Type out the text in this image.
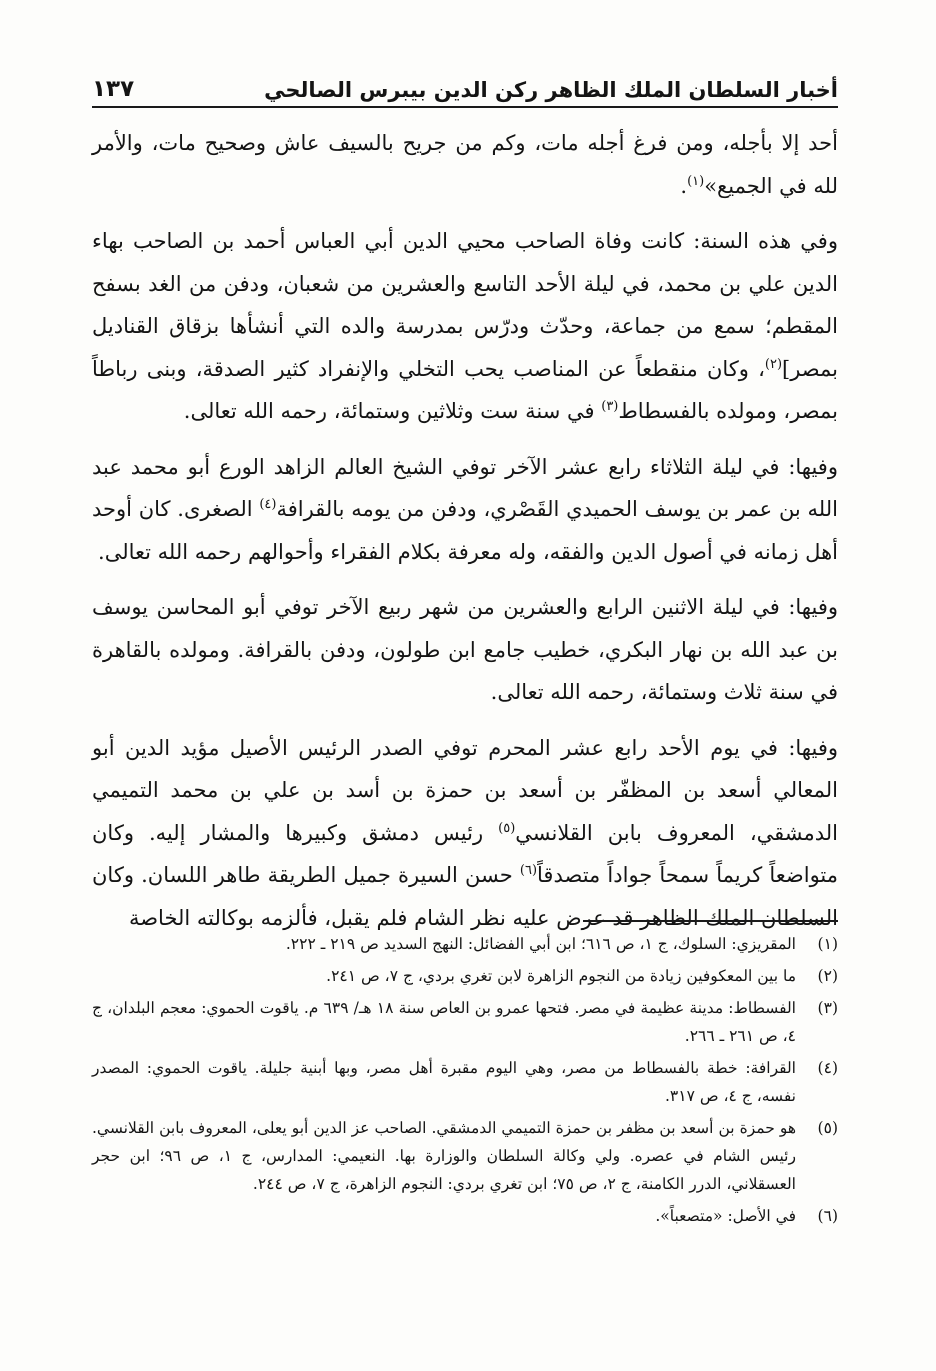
أخبار السلطان الملك الظاهر ركن الدين بيبرس الصالحي
١٣٧

أحد إلا بأجله، ومن فرغ أجله مات، وكم من جريح بالسيف عاش وصحيح مات، والأمر لله في الجميع»$^{(١)}$.

وفي هذه السنة: كانت وفاة الصاحب محيي الدين أبي العباس أحمد بن الصاحب بهاء الدين علي بن محمد، في ليلة الأحد التاسع والعشرين من شعبان، ودفن من الغد بسفح المقطم؛ سمع من جماعة، وحدّث ودرّس بمدرسة والده التي أنشأها بزقاق القناديل بمصر]$^{(٢)}$، وكان منقطعاً عن المناصب يحب التخلي والإنفراد كثير الصدقة، وبنى رباطاً بمصر، ومولده بالفسطاط$^{(٣)}$ في سنة ست وثلاثين وستمائة، رحمه الله تعالى.

وفيها: في ليلة الثلاثاء رابع عشر الآخر توفي الشيخ العالم الزاهد الورع أبو محمد عبد الله بن عمر بن يوسف الحميدي القَصْري، ودفن من يومه بالقرافة$^{(٤)}$ الصغرى. كان أوحد أهل زمانه في أصول الدين والفقه، وله معرفة بكلام الفقراء وأحوالهم رحمه الله تعالى.

وفيها: في ليلة الاثنين الرابع والعشرين من شهر ربيع الآخر توفي أبو المحاسن يوسف بن عبد الله بن نهار البكري، خطيب جامع ابن طولون، ودفن بالقرافة. ومولده بالقاهرة في سنة ثلاث وستمائة، رحمه الله تعالى.

وفيها: في يوم الأحد رابع عشر المحرم توفي الصدر الرئيس الأصيل مؤيد الدين أبو المعالي أسعد بن المظفّر بن أسعد بن حمزة بن أسد بن علي بن محمد التميمي الدمشقي، المعروف بابن القلانسي$^{(٥)}$ رئيس دمشق وكبيرها والمشار إليه. وكان متواضعاً كريماً سمحاً جواداً متصدقاً$^{(٦)}$ حسن السيرة جميل الطريقة طاهر اللسان. وكان السلطان الملك الظاهر قد عرض عليه نظر الشام فلم يقبل، فألزمه بوكالته الخاصة

(١)
المقريزي: السلوك، ج ١، ص ٦١٦؛ ابن أبي الفضائل: النهج السديد ص ٢١٩ ـ ٢٢٢.
(٢)
ما بين المعكوفين زيادة من النجوم الزاهرة لابن تغري بردي، ج ٧، ص ٢٤١.
(٣)
الفسطاط: مدينة عظيمة في مصر. فتحها عمرو بن العاص سنة ١٨ هـ/ ٦٣٩ م. ياقوت الحموي: معجم البلدان، ج ٤، ص ٢٦١ ـ ٢٦٦.
(٤)
القرافة: خطة بالفسطاط من مصر، وهي اليوم مقبرة أهل مصر، وبها أبنية جليلة. ياقوت الحموي: المصدر نفسه، ج ٤، ص ٣١٧.
(٥)
هو حمزة بن أسعد بن مظفر بن حمزة التميمي الدمشقي. الصاحب عز الدين أبو يعلى، المعروف بابن القلانسي. رئيس الشام في عصره. ولي وكالة السلطان والوزارة بها. النعيمي: المدارس، ج ١، ص ٩٦؛ ابن حجر العسقلاني، الدرر الكامنة، ج ٢، ص ٧٥؛ ابن تغري بردي: النجوم الزاهرة، ج ٧، ص ٢٤٤.
(٦)
في الأصل: «متصعباً».
